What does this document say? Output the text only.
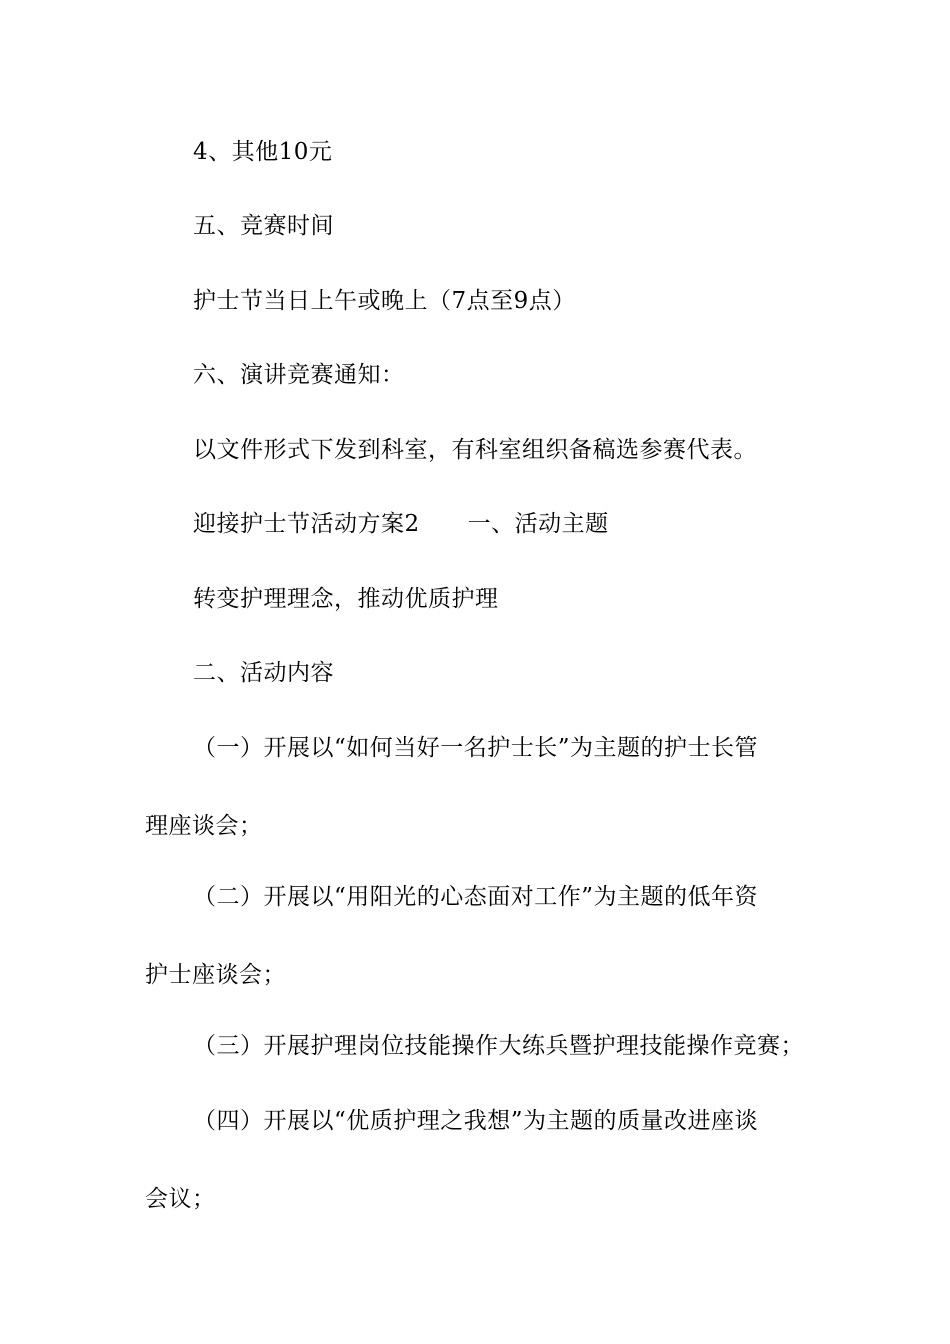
4、其他10元
五、竞赛时间
护士节当日上午或晚上（7点至9点）
六、演讲竞赛通知：
以文件形式下发到科室，有科室组织备稿选参赛代表。
迎接护士节活动方案2 一、活动主题
转变护理理念，推动优质护理
二、活动内容
（一）开展以“如何当好一名护士长”为主题的护士长管
理座谈会；
（二）开展以“用阳光的心态面对工作”为主题的低年资
护士座谈会；
（三）开展护理岗位技能操作大练兵暨护理技能操作竞赛；
（四）开展以“优质护理之我想”为主题的质量改进座谈
会议；
